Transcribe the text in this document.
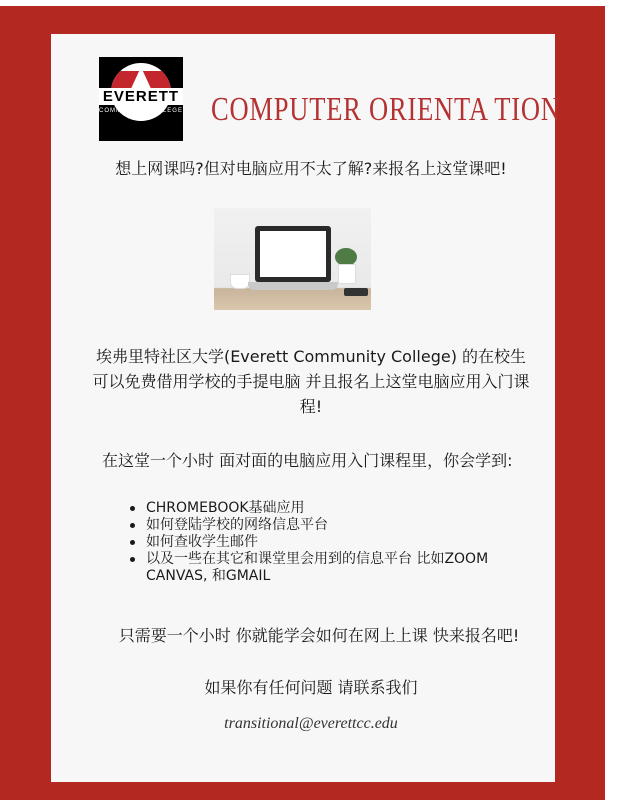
EVERETT
COMMUNITY COLLEGE COMPUTER ORIENTA TION
想上网课吗?但对电脑应用不太了解?来报名上这堂课吧!
埃弗里特社区大学(Everett Community College) 的在校生可以免费借用学校的手提电脑 并且报名上这堂电脑应用入门课程!
在这堂一个小时 面对面的电脑应用入门课程里，你会学到:
CHROMEBOOK基础应用
如何登陆学校的网络信息平台
如何查收学生邮件
以及一些在其它和课堂里会用到的信息平台 比如ZOOM CANVAS, 和GMAIL
只需要一个小时 你就能学会如何在网上上课 快来报名吧!
如果你有任何问题 请联系我们
transitional@everettcc.edu
